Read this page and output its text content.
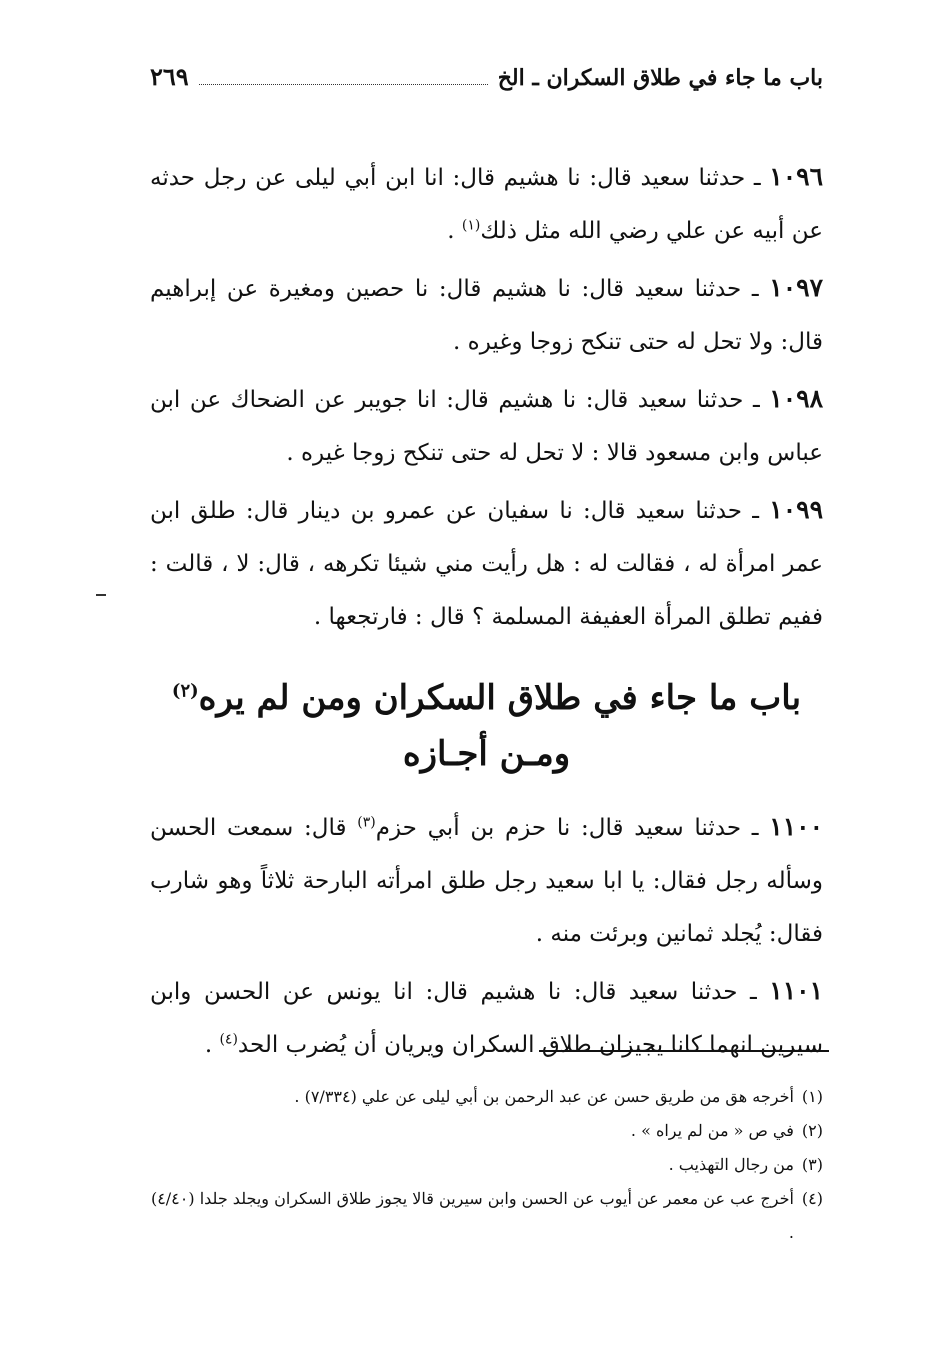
باب ما جاء في طلاق السكران ـ الخ
٢٦٩

١٠٩٦ ـ حدثنا سعيد قال: نا هشيم قال: انا ابن أبي ليلى عن رجل حدثه عن أبيه عن علي رضي الله مثل ذلك$^{(١)}$ .

١٠٩٧ ـ حدثنا سعيد قال: نا هشيم قال: نا حصين ومغيرة عن إبراهيم قال: ولا تحل له حتى تنكح زوجا وغيره .

١٠٩٨ ـ حدثنا سعيد قال: نا هشيم قال: انا جويبر عن الضحاك عن ابن عباس وابن مسعود قالا : لا تحل له حتى تنكح زوجا غيره .

١٠٩٩ ـ حدثنا سعيد قال: نا سفيان عن عمرو بن دينار قال: طلق ابن عمر امرأة له ، فقالت له : هل رأيت مني شيئا تكرهه ، قال: لا ، قالت : ففيم تطلق المرأة العفيفة المسلمة ؟ قال : فارتجعها .

باب ما جاء في طلاق السكران ومن لم يره$^{(٢)}$
ومـن أجـازه

١١٠٠ ـ حدثنا سعيد قال: نا حزم بن أبي حزم$^{(٣)}$ قال: سمعت الحسن وسأله رجل فقال: يا ابا سعيد رجل طلق امرأته البارحة ثلاثاً وهو شارب فقال: يُجلد ثمانين وبرئت منه .

١١٠١ ـ حدثنا سعيد قال: نا هشيم قال: انا يونس عن الحسن وابن سيرين انهما كانا يجيزان طلاق السكران ويريان أن يُضرب الحد$^{(٤)}$ .

(١)
أخرجه هق من طريق حسن عن عبد الرحمن بن أبي ليلى عن علي (٧/٣٣٤) .
(٢)
في ص « من لم يراه » .
(٣)
من رجال التهذيب .
(٤)
أخرج عب عن معمر عن أيوب عن الحسن وابن سيرين قالا يجوز طلاق السكران ويجلد جلدا (٤/٤٠) .
